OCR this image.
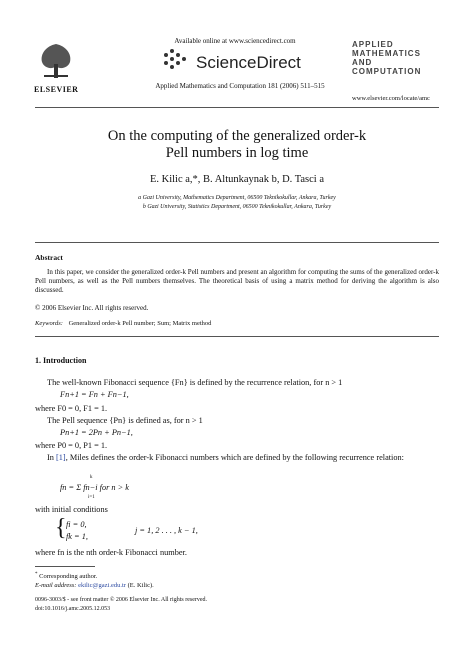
ELSEVIER
Available online at www.sciencedirect.com
ScienceDirect
Applied Mathematics and Computation 181 (2006) 511–515
APPLIED MATHEMATICS AND COMPUTATION
www.elsevier.com/locate/amc
On the computing of the generalized order-k
Pell numbers in log time
E. Kilic a,*, B. Altunkaynak b, D. Tasci a
a Gazi University, Mathematics Department, 06500 Teknikokullar, Ankara, Turkey
b Gazi University, Statistics Department, 06500 Teknikokullar, Ankara, Turkey
Abstract
In this paper, we consider the generalized order-k Pell numbers and present an algorithm for computing the sums of the generalized order-k Pell numbers, as well as the Pell numbers themselves. The theoretical basis of using a matrix method for deriving the algorithm is also discussed.
© 2006 Elsevier Inc. All rights reserved.
Keywords: Generalized order-k Pell number; Sum; Matrix method
1. Introduction
The well-known Fibonacci sequence {Fn} is defined by the recurrence relation, for n > 1
Fn+1 = Fn + Fn−1,
where F0 = 0, F1 = 1.
The Pell sequence {Pn} is defined as, for n > 1
Pn+1 = 2Pn + Pn−1,
where P0 = 0, P1 = 1.
In [1], Miles defines the order-k Fibonacci numbers which are defined by the following recurrence relation:
fn = Σ fn−i for n > k
k
i=1
with initial conditions
{ fi = 0,
fk = 1,
j = 1, 2 . . . , k − 1,
where fn is the nth order-k Fibonacci number.
* Corresponding author.
E-mail address: ekilic@gazi.edu.tr (E. Kilic).
0096-3003/$ - see front matter © 2006 Elsevier Inc. All rights reserved.
doi:10.1016/j.amc.2005.12.053
